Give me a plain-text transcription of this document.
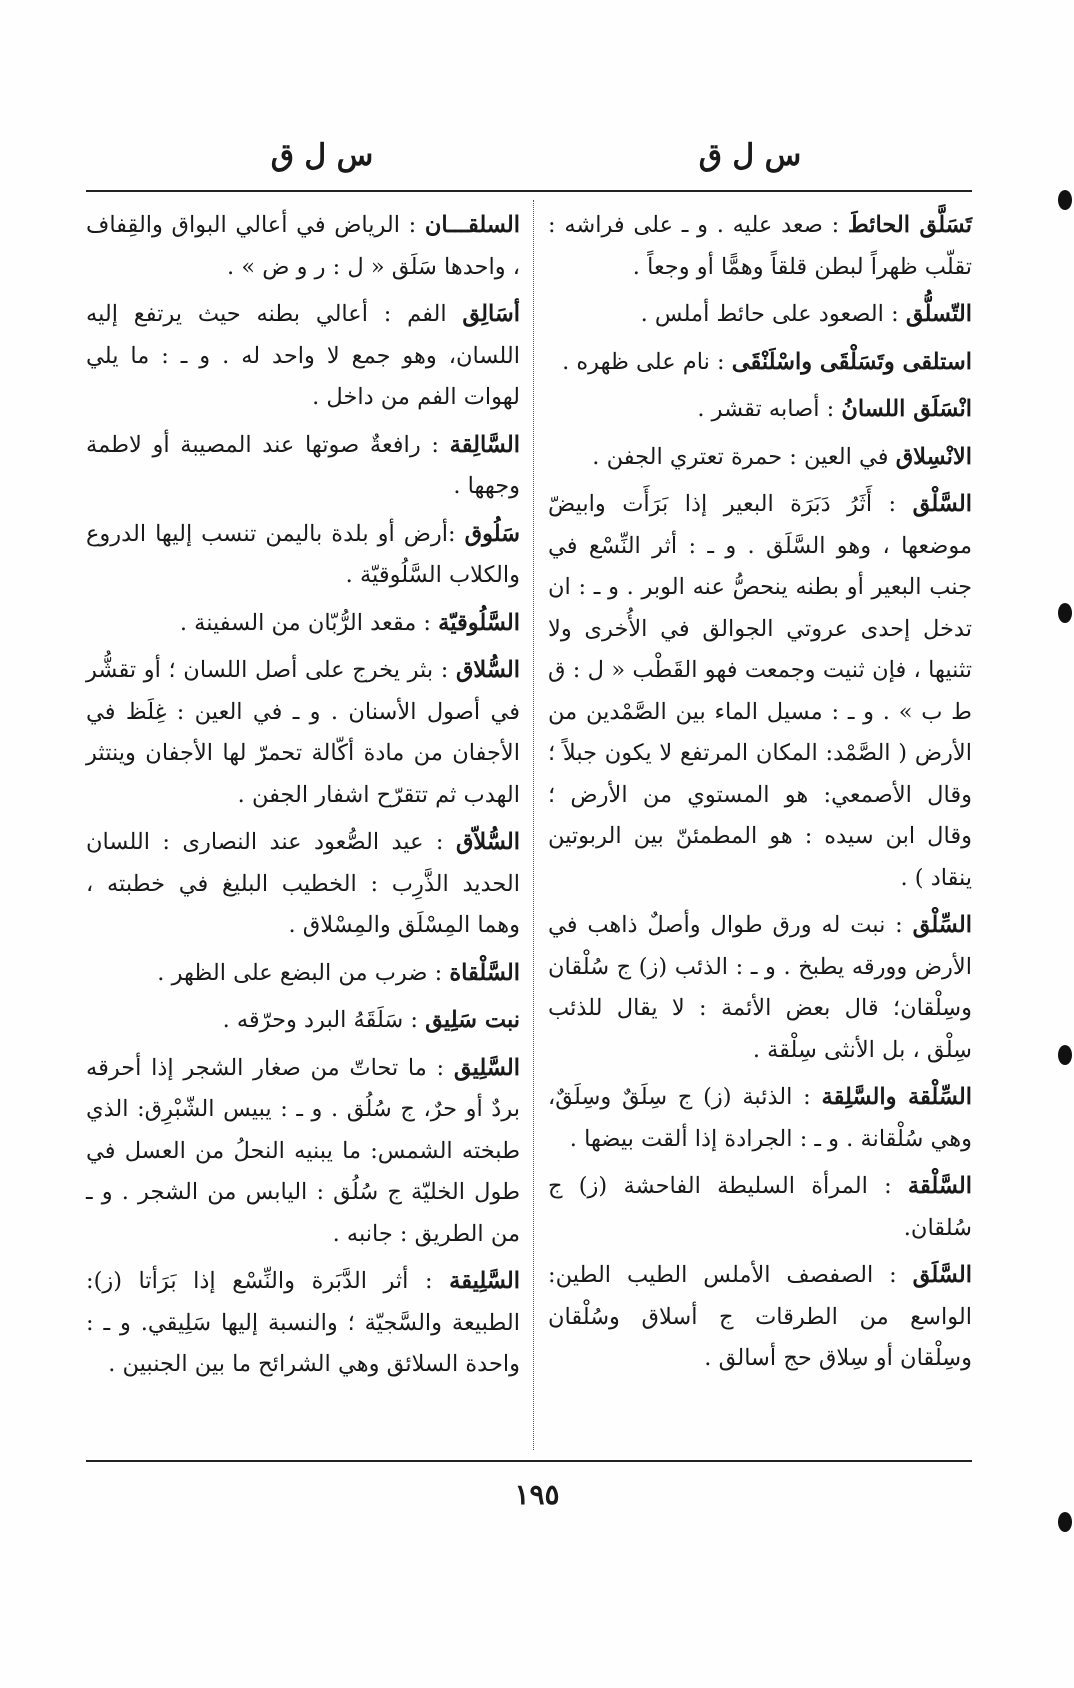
س ل ق
س ل ق

تَسَلَّق الحائطَ : صعد عليه . و ـ على فراشه : تقلّب ظهراً لبطن قلقاً وهمًّا أو وجعاً .

التّسلُّق : الصعود على حائط أملس .

استلقى وتَسَلْقَى واسْلَنْقَى : نام على ظهره .

انْسَلَق اللسانُ : أصابه تقشر .

الانْسِلاق في العين : حمرة تعتري الجفن .

السَّلْق : أَثَرُ دَبَرَة البعير إذا بَرَأَت وابيضّ موضعها ، وهو السَّلَق . و ـ : أثر النِّسْع في جنب البعير أو بطنه ينحصُّ عنه الوبر . و ـ : ان تدخل إحدى عروتي الجوالق في الأُخرى ولا تثنيها ، فإن ثنيت وجمعت فهو القَطْب « ل : ق ط ب » . و ـ : مسيل الماء بين الصَّمْدين من الأرض ( الصَّمْد: المكان المرتفع لا يكون جبلاً ؛ وقال الأصمعي: هو المستوي من الأرض ؛ وقال ابن سيده : هو المطمئنّ بين الربوتين ينقاد ) .

السِّلْق : نبت له ورق طوال وأصلٌ ذاهب في الأرض وورقه يطبخ . و ـ : الذئب (ز) ج سُلْقان وسِلْقان؛ قال بعض الأئمة : لا يقال للذئب سِلْق ، بل الأنثى سِلْقة .

السِّلْقة والسَّلِقة : الذئبة (ز) ج سِلَقٌ وسِلَقٌ، وهي سُلْقانة . و ـ : الجرادة إذا ألقت بيضها .

السَّلْقة : المرأة السليطة الفاحشة (ز) ج سُلقان.

السَّلَق : الصفصف الأملس الطيب الطين: الواسع من الطرقات ج أسلاق وسُلْقان وسِلْقان أو سِلاق حج أسالق .

السلقـــان : الرياض في أعالي البواق والقِفاف ، واحدها سَلَق « ل : ر و ض » .

أسَالِق الفم : أعالي بطنه حيث يرتفع إليه اللسان، وهو جمع لا واحد له . و ـ : ما يلي لهوات الفم من داخل .

السَّالِقة : رافعةٌ صوتها عند المصيبة أو لاطمة وجهها .

سَلُوق :أرض أو بلدة باليمن تنسب إليها الدروع والكلاب السَّلُوقيّة .

السَّلُوقيّة : مقعد الرُّبّان من السفينة .

السُّلاق : بثر يخرج على أصل اللسان ؛ أو تقشُّر في أصول الأسنان . و ـ في العين : غِلَظ في الأجفان من مادة أكّالة تحمرّ لها الأجفان وينتثر الهدب ثم تتقرّح اشفار الجفن .

السُّلاّق : عيد الصُّعود عند النصارى : اللسان الحديد الذَّرِب : الخطيب البليغ في خطبته ، وهما المِسْلَق والمِسْلاق .

السَّلْقاة : ضرب من البضع على الظهر .

نبت سَلِيق : سَلَقَهُ البرد وحرّقه .

السَّلِيق : ما تحاتّ من صغار الشجر إذا أحرقه بردٌ أو حرٌ، ج سُلُق . و ـ : يبيس الشّبْرِق: الذي طبخته الشمس: ما يبنيه النحلُ من العسل في طول الخليّة ج سُلُق : اليابس من الشجر . و ـ من الطريق : جانبه .

السَّلِيقة : أثر الدَّبَرة والنِّسْع إذا بَرَأتا (ز): الطبيعة والسَّجيّة ؛ والنسبة إليها سَلِيقي. و ـ : واحدة السلائق وهي الشرائح ما بين الجنبين .

١٩٥
